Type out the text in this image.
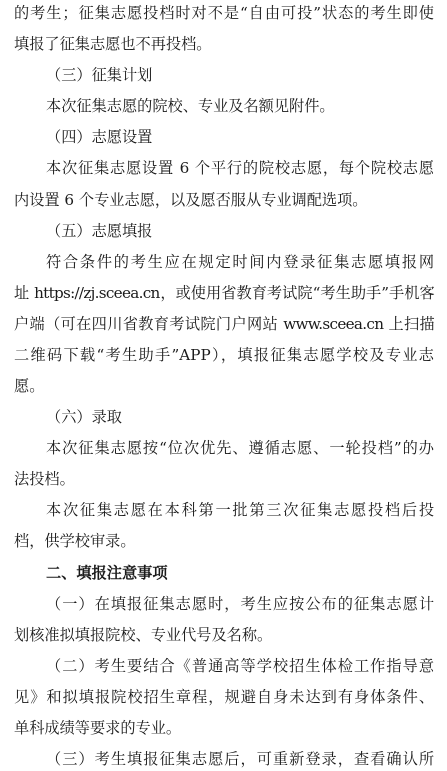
的考生；征集志愿投档时对不是“自由可投”状态的考生即使
填报了征集志愿也不再投档。
（三）征集计划
本次征集志愿的院校、专业及名额见附件。
（四）志愿设置
本次征集志愿设置 6 个平行的院校志愿，每个院校志愿
内设置 6 个专业志愿，以及愿否服从专业调配选项。
（五）志愿填报
符合条件的考生应在规定时间内登录征集志愿填报网
址 https://zj.sceea.cn，或使用省教育考试院“考生助手”手机客
户端（可在四川省教育考试院门户网站 www.sceea.cn 上扫描
二维码下载“考生助手”APP），填报征集志愿学校及专业志
愿。
（六）录取
本次征集志愿按“位次优先、遵循志愿、一轮投档”的办
法投档。
本次征集志愿在本科第一批第三次征集志愿投档后投
档，供学校审录。
二、填报注意事项
（一）在填报征集志愿时，考生应按公布的征集志愿计
划核准拟填报院校、专业代号及名称。
（二）考生要结合《普通高等学校招生体检工作指导意
见》和拟填报院校招生章程，规避自身未达到有身体条件、
单科成绩等要求的专业。
（三）考生填报征集志愿后，可重新登录，查看确认所
